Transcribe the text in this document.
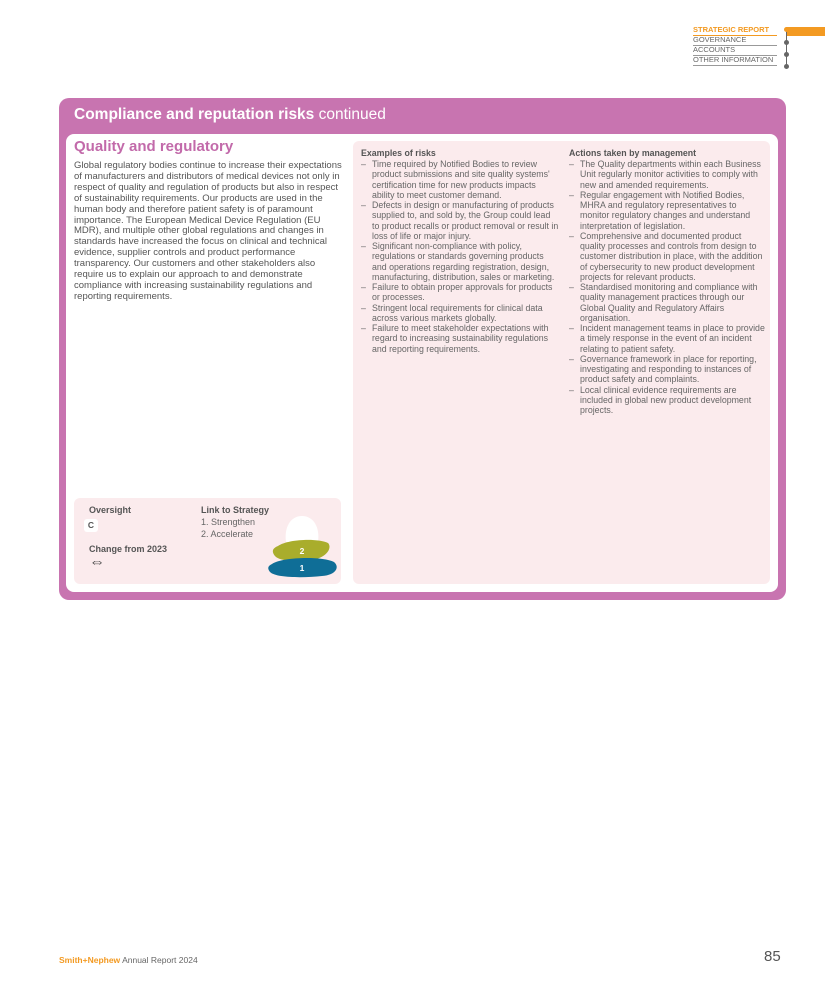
STRATEGIC REPORT
GOVERNANCE
ACCOUNTS
OTHER INFORMATION
Compliance and reputation risks continued
Quality and regulatory

Global regulatory bodies continue to increase their expectations of manufacturers and distributors of medical devices not only in respect of quality and regulation of products but also in respect of sustainability requirements. Our products are used in the human body and therefore patient safety is of paramount importance. The European Medical Device Regulation (EU MDR), and multiple other global regulations and changes in standards have increased the focus on clinical and technical evidence, supplier controls and product performance transparency. Our customers and other stakeholders also require us to explain our approach to and demonstrate compliance with increasing sustainability regulations and reporting requirements.

Oversight
C
Change from 2023
⇔
Link to Strategy
1. Strengthen
2. Accelerate
2
1
Examples of risks
– Time required by Notified Bodies to review product submissions and site quality systems' certification time for new products impacts ability to meet customer demand.
– Defects in design or manufacturing of products supplied to, and sold by, the Group could lead to product recalls or product removal or result in loss of life or major injury.
– Significant non-compliance with policy, regulations or standards governing products and operations regarding registration, design, manufacturing, distribution, sales or marketing.
– Failure to obtain proper approvals for products or processes.
– Stringent local requirements for clinical data across various markets globally.
– Failure to meet stakeholder expectations with regard to increasing sustainability regulations and reporting requirements.
Actions taken by management
– The Quality departments within each Business Unit regularly monitor activities to comply with new and amended requirements.
– Regular engagement with Notified Bodies, MHRA and regulatory representatives to monitor regulatory changes and understand interpretation of legislation.
– Comprehensive and documented product quality processes and controls from design to customer distribution in place, with the addition of cybersecurity to new product development projects for relevant products.
– Standardised monitoring and compliance with quality management practices through our Global Quality and Regulatory Affairs organisation.
– Incident management teams in place to provide a timely response in the event of an incident relating to patient safety.
– Governance framework in place for reporting, investigating and responding to instances of product safety and complaints.
– Local clinical evidence requirements are included in global new product development projects.
Smith+Nephew Annual Report 2024	85
